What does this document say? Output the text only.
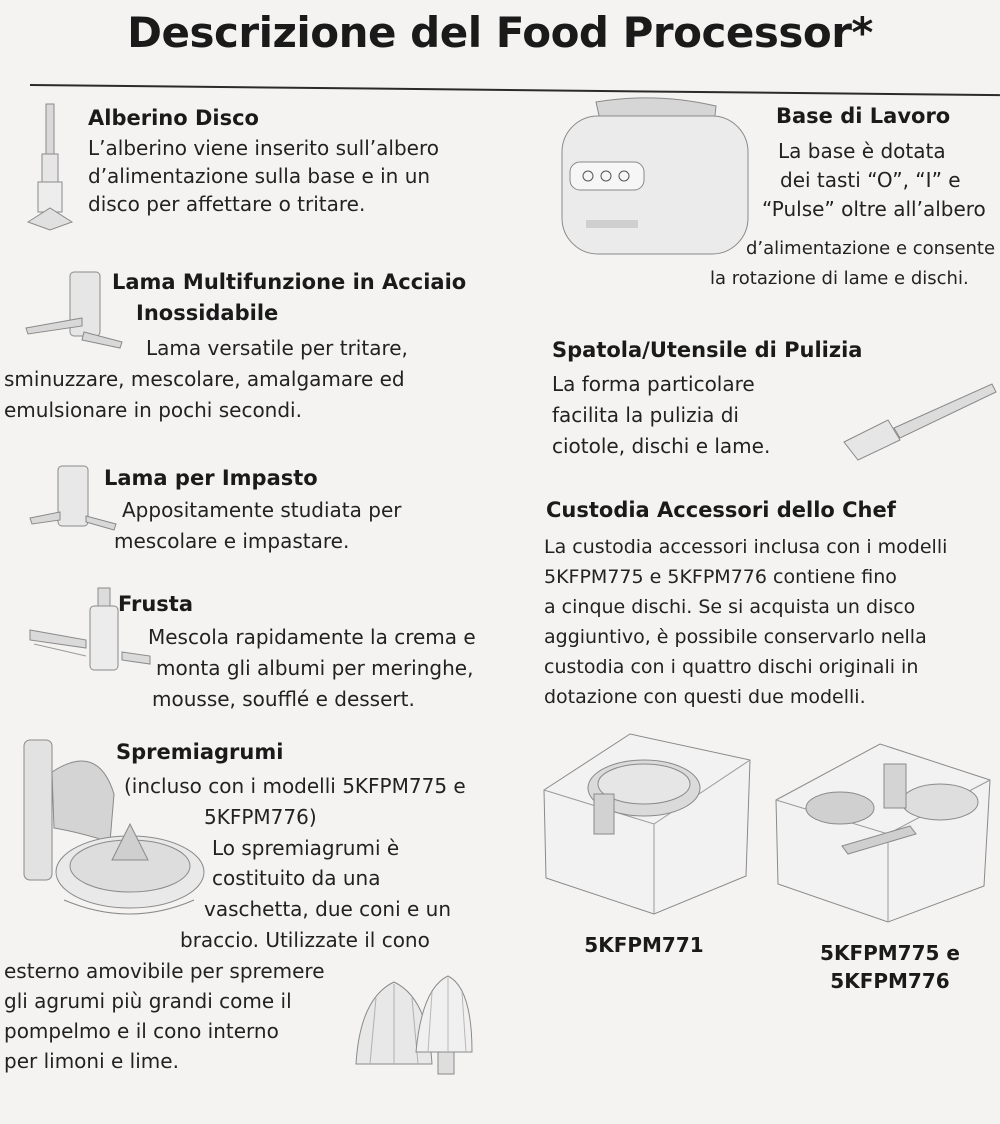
Descrizione del Food Processor*
Alberino Disco
L’alberino viene inserito sull’albero
d’alimentazione sulla base e in un
disco per affettare o tritare.
Lama Multifunzione in Acciaio
Inossidabile
Lama versatile per tritare,
sminuzzare, mescolare, amalgamare ed
emulsionare in pochi secondi.
Lama per Impasto
Appositamente studiata per
mescolare e impastare.
Frusta
Mescola rapidamente la crema e
monta gli albumi per meringhe,
mousse, soufflé e dessert.
Spremiagrumi
(incluso con i modelli 5KFPM775 e
5KFPM776)
Lo spremiagrumi è
costituito da una
vaschetta, due coni e un
braccio. Utilizzate il cono
esterno amovibile per spremere
gli agrumi più grandi come il
pompelmo e il cono interno
per limoni e lime.
Base di Lavoro
La base è dotata
dei tasti “O”, “I” e
“Pulse” oltre all’albero
d’alimentazione e consente
la rotazione di lame e dischi.
Spatola/Utensile di Pulizia
La forma particolare
facilita la pulizia di
ciotole, dischi e lame.
Custodia Accessori dello Chef
La custodia accessori inclusa con i modelli
5KFPM775 e 5KFPM776 contiene fino
a cinque dischi. Se si acquista un disco
aggiuntivo, è possibile conservarlo nella
custodia con i quattro dischi originali in
dotazione con questi due modelli.
5KFPM771	5KFPM775 e
5KFPM776
